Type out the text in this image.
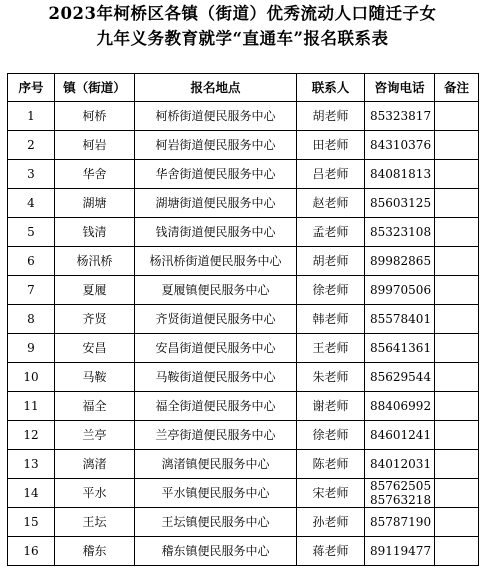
2023年柯桥区各镇（街道）优秀流动人口随迁子女
九年义务教育就学“直通车”报名联系表
序号	镇（街道）	报名地点	联系人	咨询电话	备注
1	柯桥	柯桥街道便民服务中心	胡老师	85323817	
2	柯岩	柯岩街道便民服务中心	田老师	84310376	
3	华舍	华舍街道便民服务中心	吕老师	84081813	
4	湖塘	湖塘街道便民服务中心	赵老师	85603125	
5	钱清	钱清街道便民服务中心	孟老师	85323108	
6	杨汛桥	杨汛桥街道便民服务中心	胡老师	89982865	
7	夏履	夏履镇便民服务中心	徐老师	89970506	
8	齐贤	齐贤街道便民服务中心	韩老师	85578401	
9	安昌	安昌街道便民服务中心	王老师	85641361	
10	马鞍	马鞍街道便民服务中心	朱老师	85629544	
11	福全	福全街道便民服务中心	谢老师	88406992	
12	兰亭	兰亭街道便民服务中心	徐老师	84601241	
13	漓渚	漓渚镇便民服务中心	陈老师	84012031	
14	平水	平水镇便民服务中心	宋老师	85762505
85763218	

15	王坛	王坛镇便民服务中心	孙老师	85787190	
16	稽东	稽东镇便民服务中心	蒋老师	89119477	
